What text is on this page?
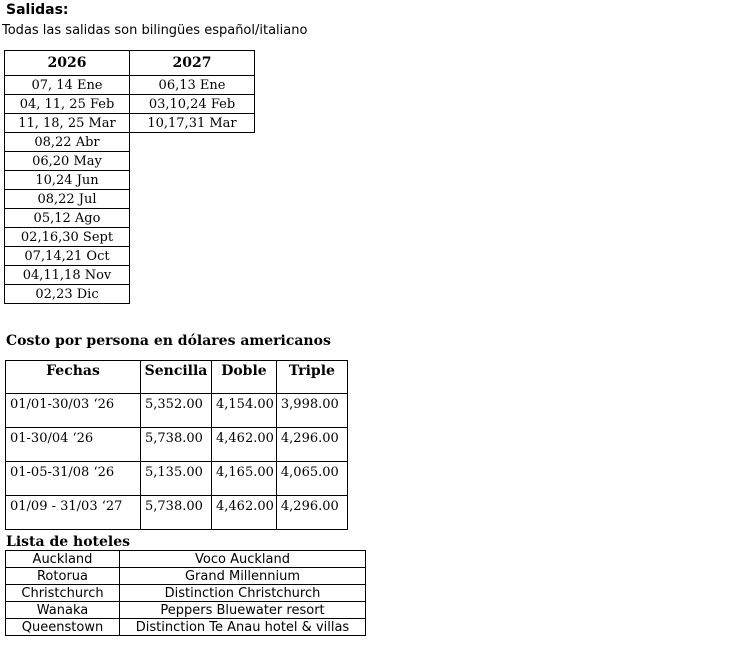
Salidas:
Todas las salidas son bilingües español/italiano
2026	2027
07, 14 Ene	06,13 Ene
04, 11, 25 Feb	03,10,24 Feb
11, 18, 25 Mar	10,17,31 Mar
08,22 Abr	
06,20 May	
10,24 Jun	
08,22 Jul	
05,12 Ago	
02,16,30 Sept	
07,14,21 Oct	
04,11,18 Nov	
02,23 Dic	
Costo por persona en dólares americanos
Fechas	Sencilla	Doble	Triple
01/01-30/03 ‘26	5,352.00	4,154.00	3,998.00
01-30/04 ‘26	5,738.00	4,462.00	4,296.00
01-05-31/08 ‘26	5,135.00	4,165.00	4,065.00
01/09 - 31/03 ‘27	5,738.00	4,462.00	4,296.00
Lista de hoteles
Auckland	Voco Auckland
Rotorua	Grand Millennium
Christchurch	Distinction Christchurch
Wanaka	Peppers Bluewater resort
Queenstown	Distinction Te Anau hotel & villas
